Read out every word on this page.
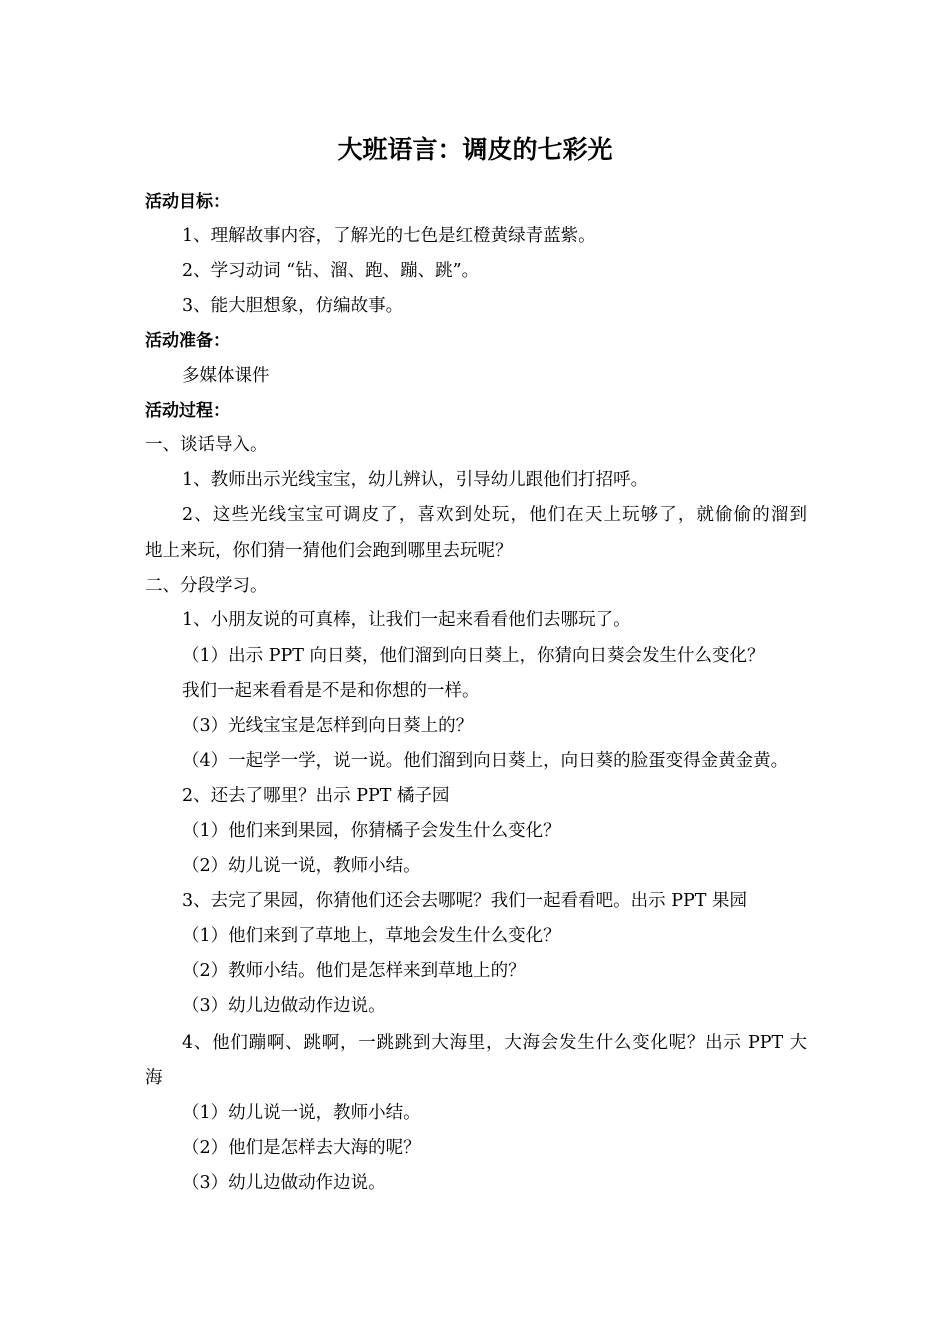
大班语言：调皮的七彩光
活动目标：
1、理解故事内容，了解光的七色是红橙黄绿青蓝紫。
2、学习动词 “钻、溜、跑、蹦、跳”。
3、能大胆想象，仿编故事。
活动准备：
多媒体课件
活动过程：
一、谈话导入。
1、教师出示光线宝宝，幼儿辨认，引导幼儿跟他们打招呼。
2、这些光线宝宝可调皮了，喜欢到处玩，他们在天上玩够了，就偷偷的溜到
地上来玩，你们猜一猜他们会跑到哪里去玩呢？
二、分段学习。
1、小朋友说的可真棒，让我们一起来看看他们去哪玩了。
（1）出示 PPT 向日葵，他们溜到向日葵上，你猜向日葵会发生什么变化？
我们一起来看看是不是和你想的一样。
（3）光线宝宝是怎样到向日葵上的？
（4）一起学一学，说一说。他们溜到向日葵上，向日葵的脸蛋变得金黄金黄。
2、还去了哪里？出示 PPT 橘子园
（1）他们来到果园，你猜橘子会发生什么变化？
（2）幼儿说一说，教师小结。
3、去完了果园，你猜他们还会去哪呢？我们一起看看吧。出示 PPT 果园
（1）他们来到了草地上，草地会发生什么变化？
（2）教师小结。他们是怎样来到草地上的？
（3）幼儿边做动作边说。
4、他们蹦啊、跳啊，一跳跳到大海里，大海会发生什么变化呢？出示 PPT 大
海
（1）幼儿说一说，教师小结。
（2）他们是怎样去大海的呢？
（3）幼儿边做动作边说。
